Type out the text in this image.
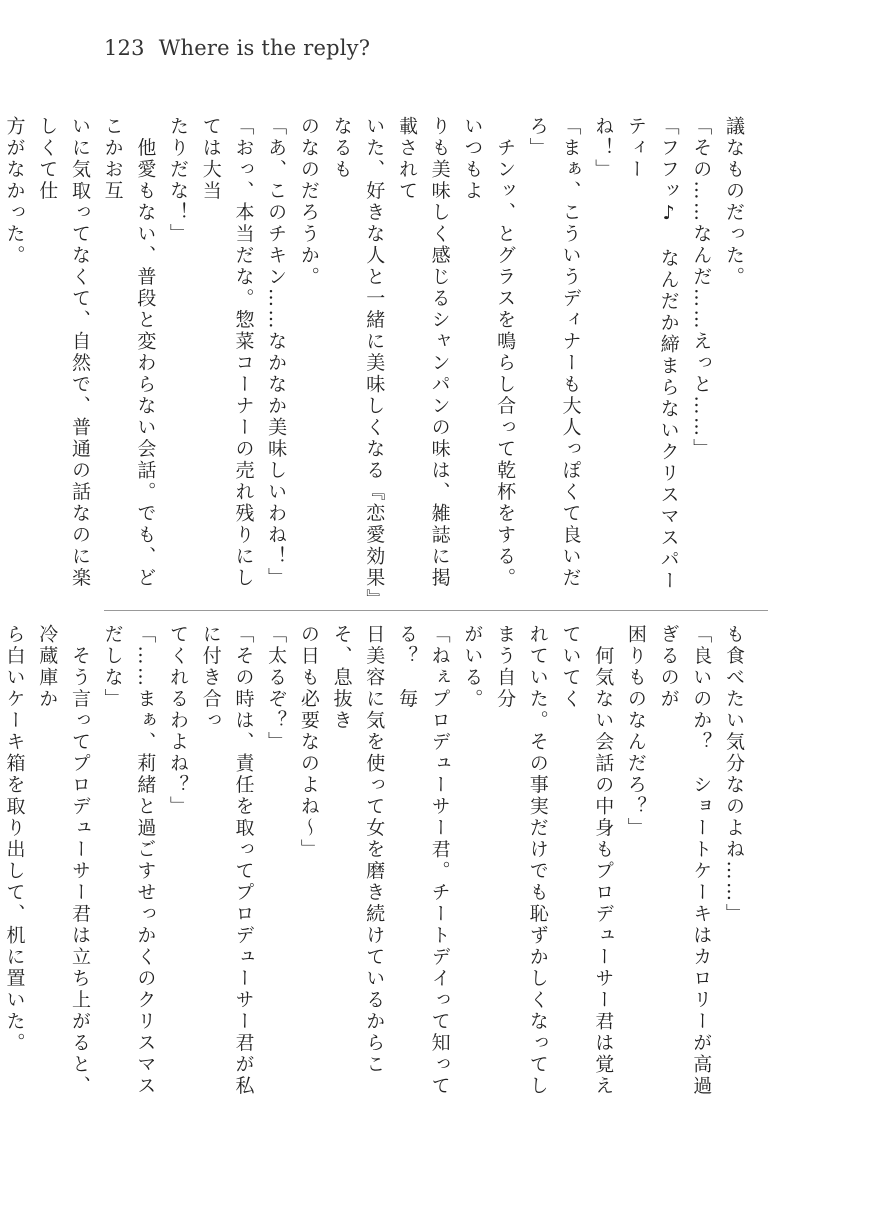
123 Where is the reply?

議なものだった。

「その……なんだ……えっと……」

「フフッ♪　なんだか締まらないクリスマスパーティー

ね！」

「まぁ、こういうディナーも大人っぽくて良いだろ」

　チンッ、とグラスを鳴らし合って乾杯をする。いつもよ

りも美味しく感じるシャンパンの味は、雑誌に掲載されて

いた、好きな人と一緒に美味しくなる『恋愛効果』なるも

のなのだろうか。

「あ、このチキン……なかなか美味しいわね！」

「おっ、本当だな。惣菜コーナーの売れ残りにしては大当

たりだな！」

　他愛もない、普段と変わらない会話。でも、どこかお互

いに気取ってなくて、自然で、普通の話なのに楽しくて仕

方がなかった。

も食べたい気分なのよね……」

「良いのか？　ショートケーキはカロリーが高過ぎるのが

困りものなんだろ？」

　何気ない会話の中身もプロデューサー君は覚えていてく

れていた。その事実だけでも恥ずかしくなってしまう自分

がいる。

「ねぇプロデューサー君。チートデイって知ってる？　毎

日美容に気を使って女を磨き続けているからこそ、息抜き

の日も必要なのよね～」

「太るぞ？」

「その時は、責任を取ってプロデューサー君が私に付き合っ

てくれるわよね？」

「……まぁ、莉緒と過ごすせっかくのクリスマスだしな」

　そう言ってプロデューサー君は立ち上がると、冷蔵庫か

ら白いケーキ箱を取り出して、机に置いた。
